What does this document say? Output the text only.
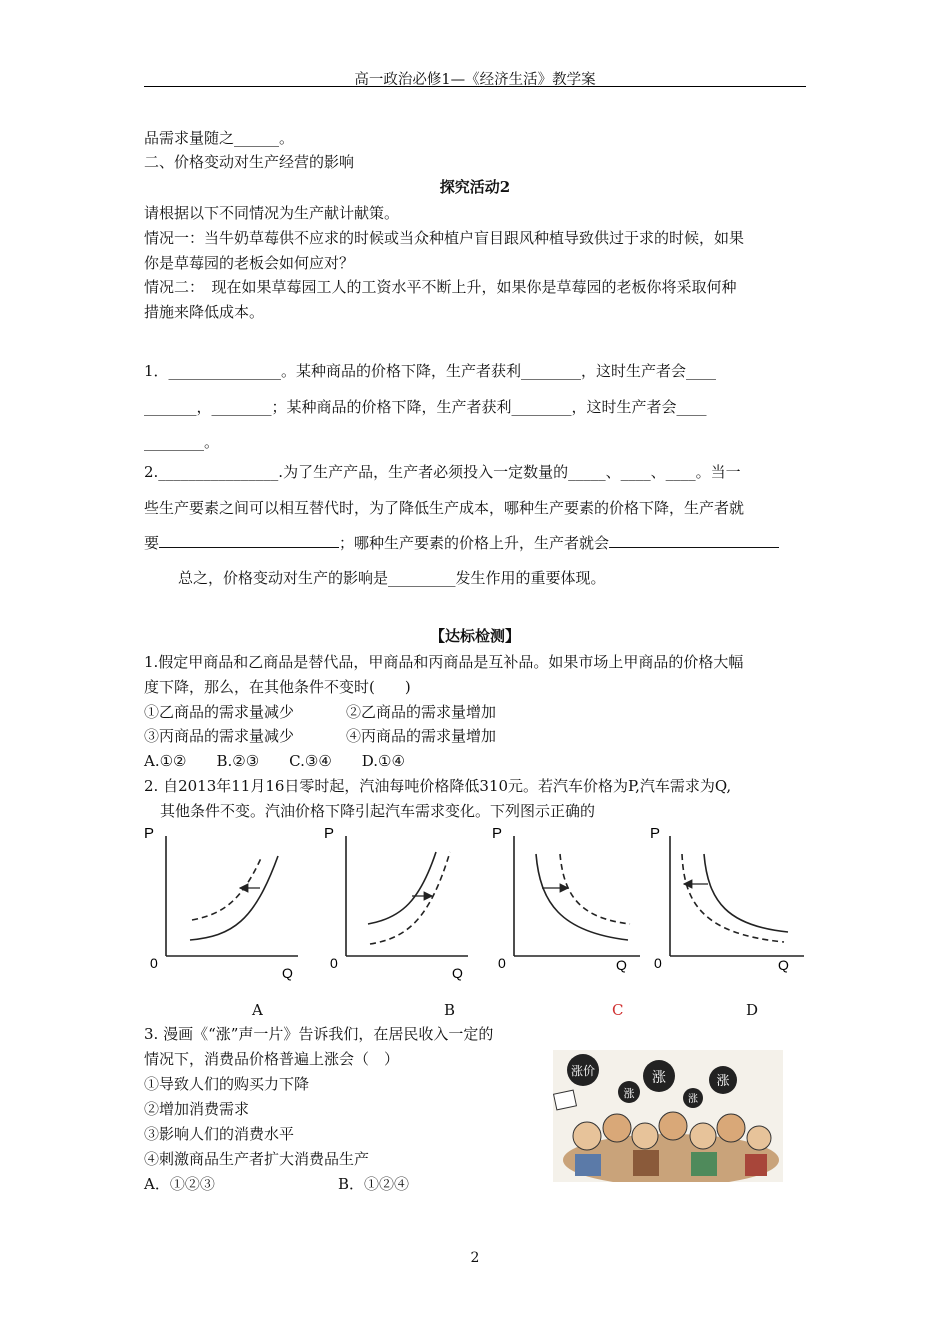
高一政治必修1—《经济生活》教学案
品需求量随之______。
二、价格变动对生产经营的影响
探究活动2
请根据以下不同情况为生产献计献策。
情况一：当牛奶草莓供不应求的时候或当众种植户盲目跟风种植导致供过于求的时候，如果
你是草莓园的老板会如何应对？
情况二：　现在如果草莓园工人的工资水平不断上升，如果你是草莓园的老板你将采取何种
措施来降低成本。
1．_______________。某种商品的价格下降，生产者获利________，这时生产者会____
_______，________；某种商品的价格下降，生产者获利________，这时生产者会____
________。
2.________________.为了生产产品，生产者必须投入一定数量的_____、____、____。当一
些生产要素之间可以相互替代时，为了降低生产成本，哪种生产要素的价格下降，生产者就
要	；哪种生产要素的价格上升，生产者就会
总之，价格变动对生产的影响是_________发生作用的重要体现。
【达标检测】
1.假定甲商品和乙商品是替代品，甲商品和丙商品是互补品。如果市场上甲商品的价格大幅
度下降，那么，在其他条件不变时(　　)
①乙商品的需求量减少	②乙商品的需求量增加
③丙商品的需求量减少	④丙商品的需求量增加
A.①②　　B.②③　　C.③④　　D.①④
2. 自2013年11月16日零时起，汽油每吨价格降低310元。若汽车价格为P,汽车需求为Q,
其他条件不变。汽油价格下降引起汽车需求变化。下列图示正确的
P
0
Q
P
0
Q
P
0	Q
P
0	Q
A	B	C	D
3. 漫画《“涨”声一片》告诉我们，在居民收入一定的
情况下，消费品价格普遍上涨会（　）
①导致人们的购买力下降
②增加消费需求
③影响人们的消费水平
④刺激商品生产者扩大消费品生产
A．①②③	B．①②④
涨价
涨
涨
涨
涨
2
